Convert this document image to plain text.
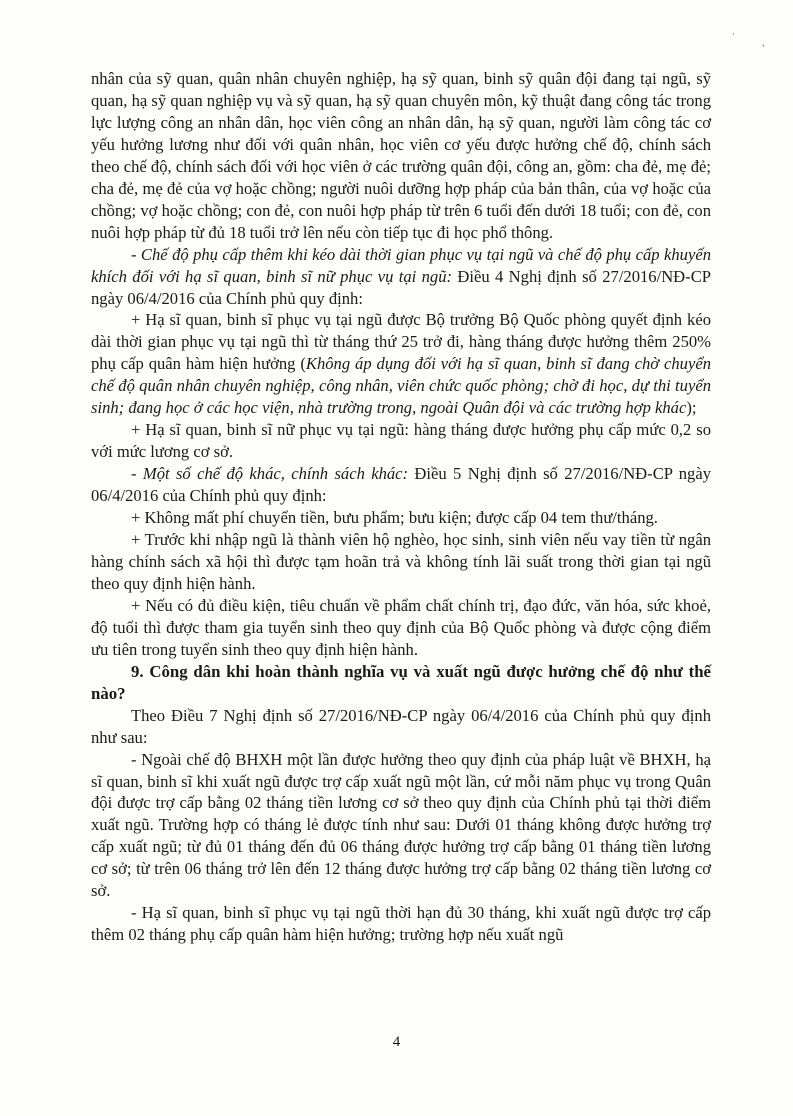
·
'

nhân của sỹ quan, quân nhân chuyên nghiệp, hạ sỹ quan, binh sỹ quân đội đang tại ngũ, sỹ quan, hạ sỹ quan nghiệp vụ và sỹ quan, hạ sỹ quan chuyên môn, kỹ thuật đang công tác trong lực lượng công an nhân dân, học viên công an nhân dân, hạ sỹ quan, người làm công tác cơ yếu hưởng lương như đối với quân nhân, học viên cơ yếu được hưởng chế độ, chính sách theo chế độ, chính sách đối với học viên ở các trường quân đội, công an, gồm: cha đẻ, mẹ đẻ; cha đẻ, mẹ đẻ của vợ hoặc chồng; người nuôi dưỡng hợp pháp của bản thân, của vợ hoặc của chồng; vợ hoặc chồng; con đẻ, con nuôi hợp pháp từ trên 6 tuổi đến dưới 18 tuổi; con đẻ, con nuôi hợp pháp từ đủ 18 tuổi trở lên nếu còn tiếp tục đi học phổ thông.

- Chế độ phụ cấp thêm khi kéo dài thời gian phục vụ tại ngũ và chế độ phụ cấp khuyến khích đối với hạ sĩ quan, binh sĩ nữ phục vụ tại ngũ: Điều 4 Nghị định số 27/2016/NĐ-CP ngày 06/4/2016 của Chính phủ quy định:

+ Hạ sĩ quan, binh sĩ phục vụ tại ngũ được Bộ trưởng Bộ Quốc phòng quyết định kéo dài thời gian phục vụ tại ngũ thì từ tháng thứ 25 trở đi, hàng tháng được hưởng thêm 250% phụ cấp quân hàm hiện hưởng (Không áp dụng đối với hạ sĩ quan, binh sĩ đang chờ chuyển chế độ quân nhân chuyên nghiệp, công nhân, viên chức quốc phòng; chờ đi học, dự thi tuyển sinh; đang học ở các học viện, nhà trường trong, ngoài Quân đội và các trường hợp khác);

+ Hạ sĩ quan, binh sĩ nữ phục vụ tại ngũ: hàng tháng được hưởng phụ cấp mức 0,2 so với mức lương cơ sở.

- Một số chế độ khác, chính sách khác: Điều 5 Nghị định số 27/2016/NĐ-CP ngày 06/4/2016 của Chính phủ quy định:

+ Không mất phí chuyển tiền, bưu phẩm; bưu kiện; được cấp 04 tem thư/tháng.

+ Trước khi nhập ngũ là thành viên hộ nghèo, học sinh, sinh viên nếu vay tiền từ ngân hàng chính sách xã hội thì được tạm hoãn trả và không tính lãi suất trong thời gian tại ngũ theo quy định hiện hành.

+ Nếu có đủ điều kiện, tiêu chuẩn về phẩm chất chính trị, đạo đức, văn hóa, sức khoẻ, độ tuổi thì được tham gia tuyển sinh theo quy định của Bộ Quốc phòng và được cộng điểm ưu tiên trong tuyển sinh theo quy định hiện hành.

9. Công dân khi hoàn thành nghĩa vụ và xuất ngũ được hưởng chế độ như thế nào?

Theo Điều 7 Nghị định số 27/2016/NĐ-CP ngày 06/4/2016 của Chính phủ quy định như sau:

- Ngoài chế độ BHXH một lần được hưởng theo quy định của pháp luật về BHXH, hạ sĩ quan, binh sĩ khi xuất ngũ được trợ cấp xuất ngũ một lần, cứ mỗi năm phục vụ trong Quân đội được trợ cấp bằng 02 tháng tiền lương cơ sở theo quy định của Chính phủ tại thời điểm xuất ngũ. Trường hợp có tháng lẻ được tính như sau: Dưới 01 tháng không được hưởng trợ cấp xuất ngũ; từ đủ 01 tháng đến đủ 06 tháng được hưởng trợ cấp bằng 01 tháng tiền lương cơ sở; từ trên 06 tháng trở lên đến 12 tháng được hưởng trợ cấp bằng 02 tháng tiền lương cơ sở.

- Hạ sĩ quan, binh sĩ phục vụ tại ngũ thời hạn đủ 30 tháng, khi xuất ngũ được trợ cấp thêm 02 tháng phụ cấp quân hàm hiện hưởng; trường hợp nếu xuất ngũ

4
